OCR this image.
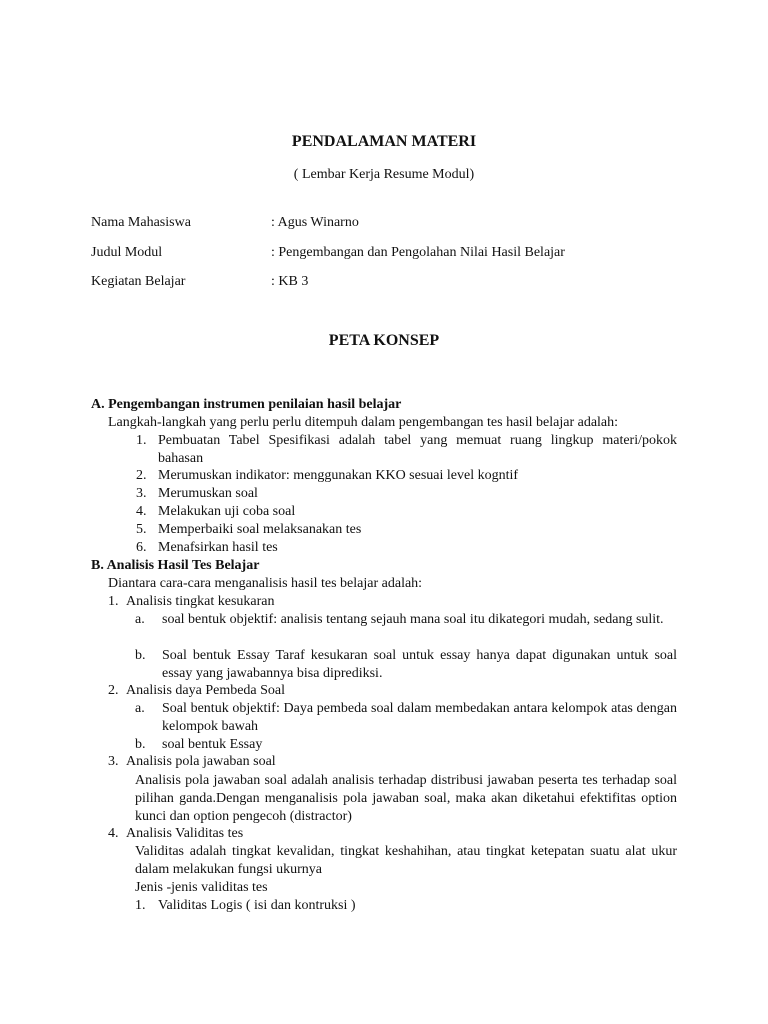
PENDALAMAN MATERI
( Lembar Kerja Resume Modul)
Nama Mahasiswa	: Agus Winarno
Judul Modul	: Pengembangan dan Pengolahan Nilai Hasil Belajar
Kegiatan Belajar	: KB 3
PETA KONSEP
A. Pengembangan instrumen penilaian hasil belajar
Langkah-langkah yang perlu perlu ditempuh dalam pengembangan tes hasil belajar adalah:
1. Pembuatan Tabel Spesifikasi adalah tabel yang memuat ruang lingkup materi/pokok bahasan
2. Merumuskan indikator: menggunakan KKO sesuai level kogntif
3. Merumuskan soal
4. Melakukan uji coba soal
5. Memperbaiki soal melaksanakan tes
6. Menafsirkan hasil tes
B. Analisis Hasil Tes Belajar
Diantara cara-cara menganalisis hasil tes belajar adalah:
1. Analisis tingkat kesukaran
a. soal bentuk objektif: analisis tentang sejauh mana soal itu dikategori mudah, sedang sulit.
b. Soal bentuk Essay Taraf kesukaran soal untuk essay hanya dapat digunakan untuk soal essay yang jawabannya bisa diprediksi.
2. Analisis daya Pembeda Soal
a. Soal bentuk objektif: Daya pembeda soal dalam membedakan antara kelompok atas dengan kelompok bawah
b. soal bentuk Essay
3. Analisis pola jawaban soal
Analisis pola jawaban soal adalah analisis terhadap distribusi jawaban peserta tes terhadap soal pilihan ganda.Dengan menganalisis pola jawaban soal, maka akan diketahui efektifitas option kunci dan option pengecoh (distractor)
4. Analisis Validitas tes
Validitas adalah tingkat kevalidan, tingkat keshahihan, atau tingkat ketepatan suatu alat ukur dalam melakukan fungsi ukurnya
Jenis -jenis validitas tes
1. Validitas Logis ( isi dan kontruksi )
